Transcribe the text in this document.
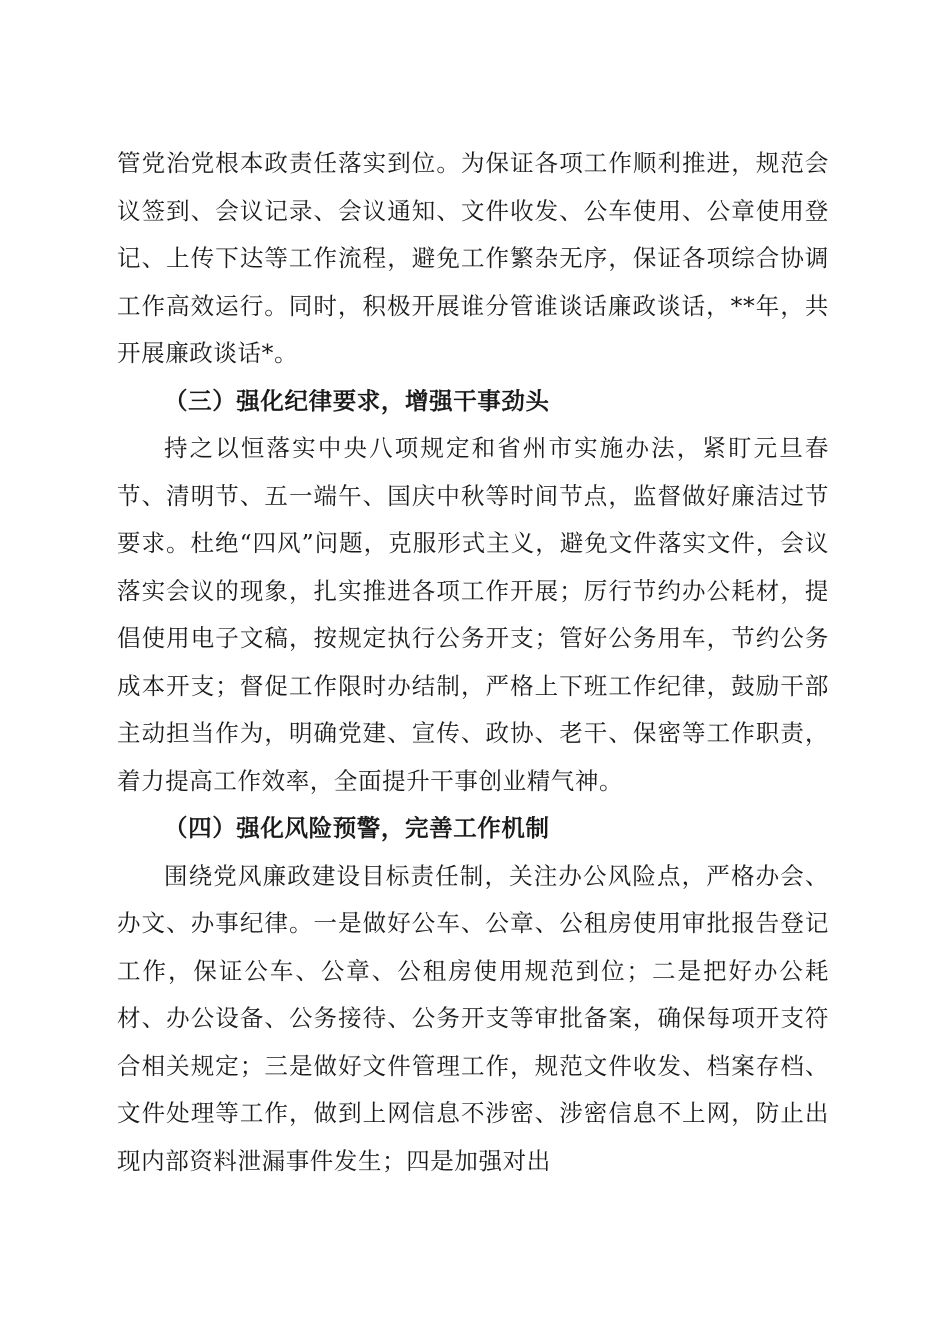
管党治党根本政责任落实到位。为保证各项工作顺利推进，规范会议签到、会议记录、会议通知、文件收发、公车使用、公章使用登记、上传下达等工作流程，避免工作繁杂无序，保证各项综合协调工作高效运行。同时，积极开展谁分管谁谈话廉政谈话，**年，共开展廉政谈话*。

（三）强化纪律要求，增强干事劲头

持之以恒落实中央八项规定和省州市实施办法，紧盯元旦春节、清明节、五一端午、国庆中秋等时间节点，监督做好廉洁过节要求。杜绝“四风”问题，克服形式主义，避免文件落实文件，会议落实会议的现象，扎实推进各项工作开展；厉行节约办公耗材，提倡使用电子文稿，按规定执行公务开支；管好公务用车，节约公务成本开支；督促工作限时办结制，严格上下班工作纪律，鼓励干部主动担当作为，明确党建、宣传、政协、老干、保密等工作职责，着力提高工作效率，全面提升干事创业精气神。

（四）强化风险预警，完善工作机制

围绕党风廉政建设目标责任制，关注办公风险点，严格办会、办文、办事纪律。一是做好公车、公章、公租房使用审批报告登记工作，保证公车、公章、公租房使用规范到位；二是把好办公耗材、办公设备、公务接待、公务开支等审批备案，确保每项开支符合相关规定；三是做好文件管理工作，规范文件收发、档案存档、文件处理等工作，做到上网信息不涉密、涉密信息不上网，防止出现内部资料泄漏事件发生；四是加强对出
